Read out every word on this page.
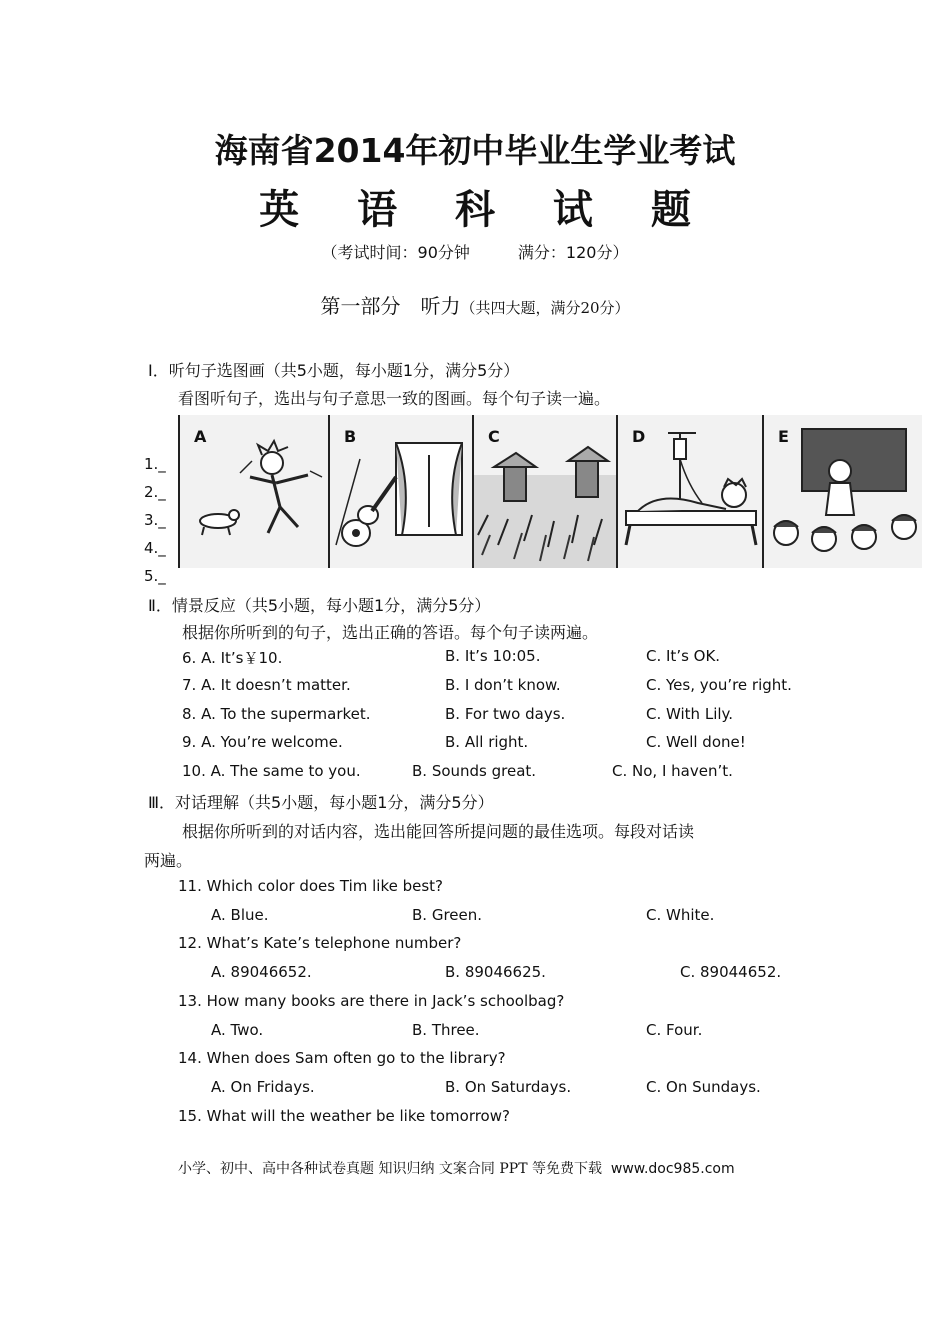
海南省2014年初中毕业生学业考试
英 语 科 试 题
（考试时间：90分钟	满分：120分）
第一部分　听力（共四大题，满分20分）
Ⅰ．听句子选图画（共5小题，每小题1分，满分5分）
看图听句子，选出与句子意思一致的图画。每个句子读一遍。
1._
2._
3._
4._
5._
A	B	C	D	E
Ⅱ．情景反应（共5小题，每小题1分，满分5分）
根据你所听到的句子，选出正确的答语。每个句子读两遍。
6. A. It’s￥10.	B. It’s 10:05.	C. It’s OK.
7. A. It doesn’t matter.	B. I don’t know.	C. Yes, you’re right.
8. A. To the supermarket.	B. For two days.	C. With Lily.
9. A. You’re welcome.	B. All right.	C. Well done!
10. A. The same to you.	B. Sounds great.	C. No, I haven’t.
Ⅲ．对话理解（共5小题，每小题1分，满分5分）
根据你所听到的对话内容，选出能回答所提问题的最佳选项。每段对话读
两遍。
11. Which color does Tim like best?
A. Blue.	B. Green.	C. White.
12. What’s Kate’s telephone number?
A. 89046652.	B. 89046625.	C. 89044652.
13. How many books are there in Jack’s schoolbag?
A. Two.	B. Three.	C. Four.
14. When does Sam often go to the library?
A. On Fridays.	B. On Saturdays.	C. On Sundays.
15. What will the weather be like tomorrow?
小学、初中、高中各种试卷真题 知识归纳 文案合同 PPT 等免费下载 www.doc985.com
